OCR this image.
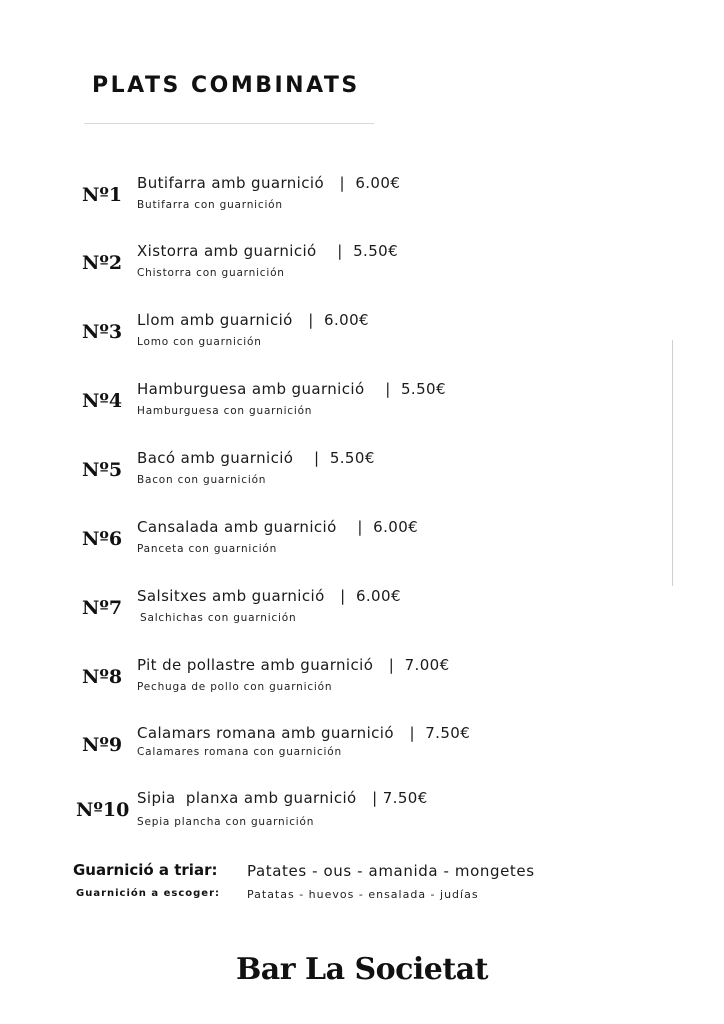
PLATS COMBINATS
Nº1
Butifarra amb guarnició   |  6.00€
Butifarra con guarnición
Nº2
Xistorra amb guarnició    |  5.50€
Chistorra con guarnición
Nº3
Llom amb guarnició   |  6.00€
Lomo con guarnición
Nº4
Hamburguesa amb guarnició    |  5.50€
Hamburguesa con guarnición
Nº5
Bacó amb guarnició    |  5.50€
Bacon con guarnición
Nº6
Cansalada amb guarnició    |  6.00€
Panceta con guarnición
Nº7
Salsitxes amb guarnició   |  6.00€
Salchichas con guarnición
Nº8
Pit de pollastre amb guarnició   |  7.00€
Pechuga de pollo con guarnición
Nº9
Calamars romana amb guarnició   |  7.50€
Calamares romana con guarnición
Nº10
Sipia  planxa amb guarnició   | 7.50€
Sepia plancha con guarnición
Guarnició a triar:
Guarnición a escoger:
Patates - ous - amanida - mongetes
Patatas - huevos - ensalada - judías
Bar La Societat
